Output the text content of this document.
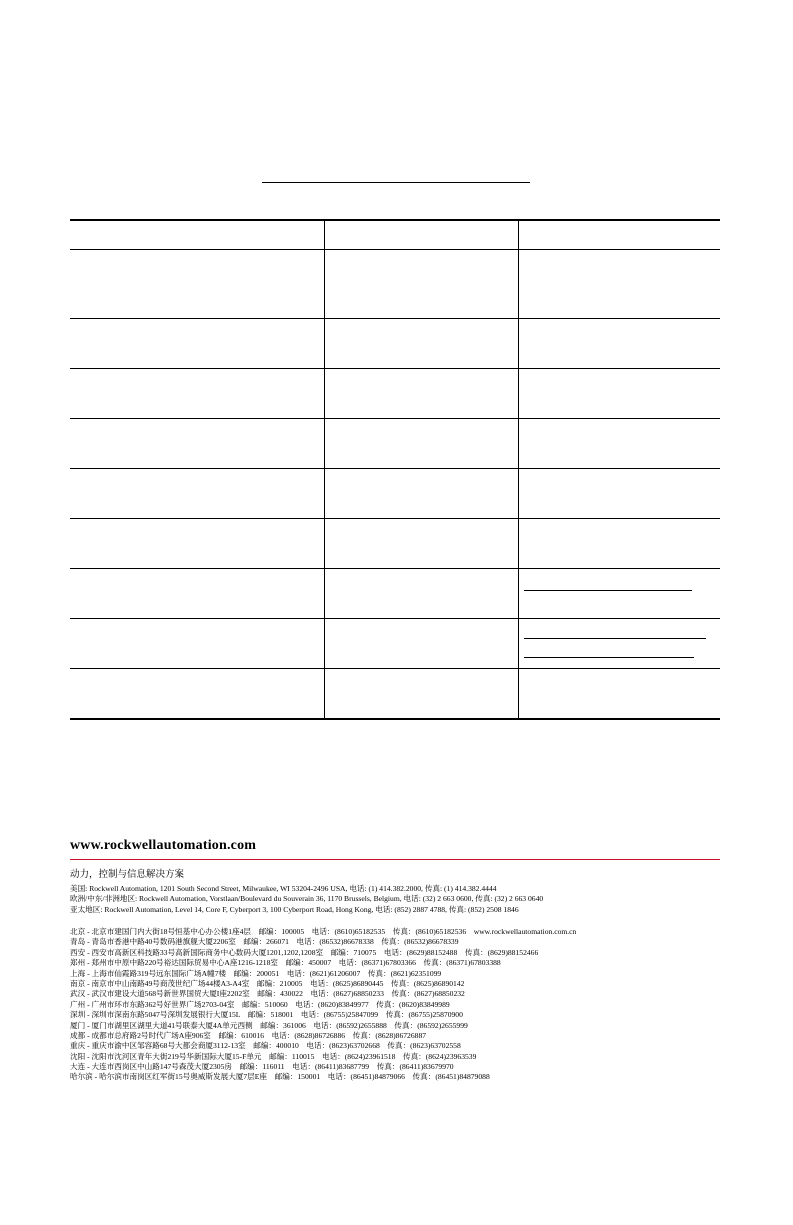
www.rockwellautomation.com
动力，控制与信息解决方案
美国: Rockwell Automation, 1201 South Second Street, Milwaukee, WI 53204-2496 USA, 电话: (1) 414.382.2000, 传真: (1) 414.382.4444
欧洲/中东/非洲地区: Rockwell Automation, Vorstlaan/Boulevard du Souverain 36, 1170 Brussels, Belgium, 电话: (32) 2 663 0600, 传真: (32) 2 663 0640
亚太地区: Rockwell Automation, Level 14, Core F, Cyberport 3, 100 Cyberport Road, Hong Kong, 电话: (852) 2887 4788, 传真: (852) 2508 1846
北京 - 北京市建国门内大街18号恒基中心办公楼1座4层　邮编：100005　电话：(8610)65182535　传真：(8610)65182536　www.rockwellautomation.com.cn
青岛 - 青岛市香港中路40号数码港旗舰大厦2206室　邮编：266071　电话：(86532)86678338　传真：(86532)86678339
西安 - 西安市高新区科技路33号高新国际商务中心数码大厦1201,1202,1208室　邮编：710075　电话：(8629)88152488　传真：(8629)88152466
郑州 - 郑州市中原中路220号裕达国际贸易中心A座1216-1218室　邮编：450007　电话：(86371)67803366　传真：(86371)67803388
上海 - 上海市仙霞路319号远东国际广场A幢7楼　邮编：200051　电话：(8621)61206007　传真：(8621)62351099
南京 - 南京市中山南路49号商茂世纪广场44楼A3-A4室　邮编：210005　电话：(8625)86890445　传真：(8625)86890142
武汉 - 武汉市建设大道568号新世界国贸大厦I座2202室　邮编：430022　电话：(8627)68850233　传真：(8627)68850232
广州 - 广州市环市东路362号好世界广场2703-04室　邮编：510060　电话：(8620)83849977　传真：(8620)83849989
深圳 - 深圳市深南东路5047号深圳发展银行大厦15L　邮编：518001　电话：(86755)25847099　传真：(86755)25870900
厦门 - 厦门市湖里区湖里大道41号联泰大厦4A单元西侧　邮编：361006　电话：(86592)2655888　传真：(86592)2655999
成都 - 成都市总府路2号时代广场A座906室　邮编：610016　电话：(8628)86726886　传真：(8628)86726887
重庆 - 重庆市渝中区邹容路68号大都会商厦3112-13室　邮编：400010　电话：(8623)63702668　传真：(8623)63702558
沈阳 - 沈阳市沈河区青年大街219号华新国际大厦15-F单元　邮编：110015　电话：(8624)23961518　传真：(8624)23963539
大连 - 大连市西岗区中山路147号森茂大厦2305房　邮编：116011　电话：(86411)83687799　传真：(86411)83679970
哈尔滨 - 哈尔滨市南岗区红军街15号奥威斯发展大厦7层E座　邮编：150001　电话：(86451)84879066　传真：(86451)84879088
